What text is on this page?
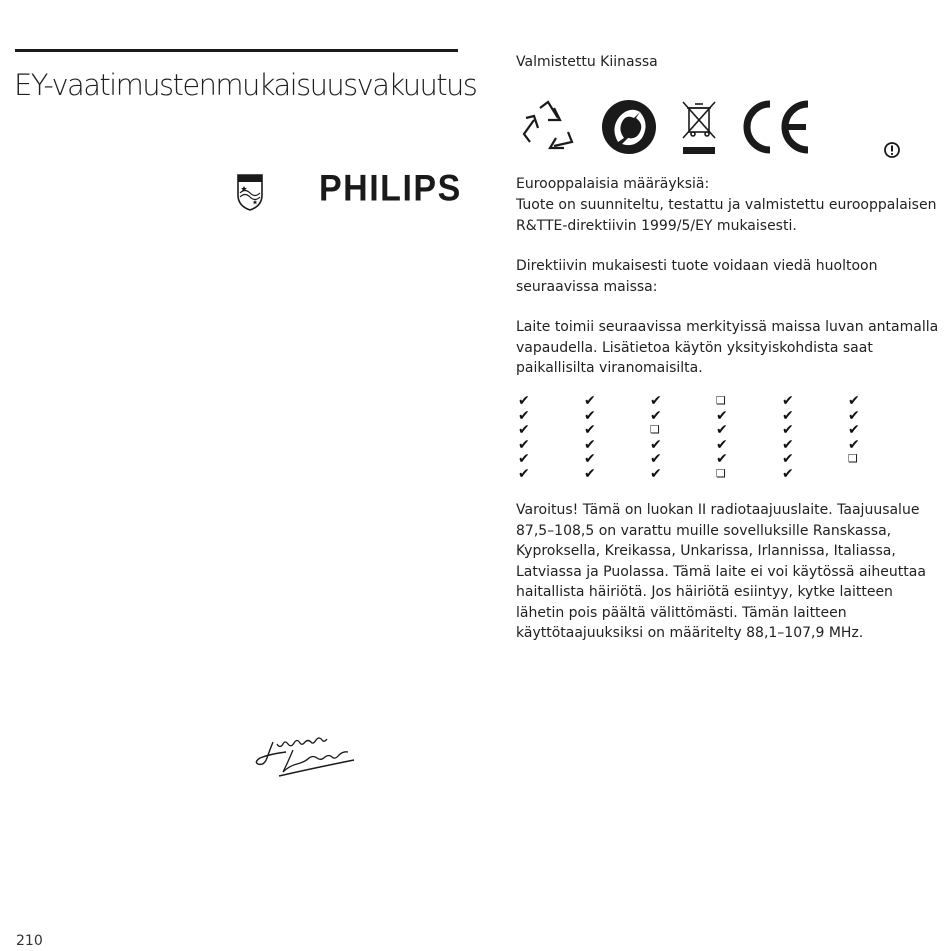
EY-vaatimustenmukaisuusvakuutus
PHILIPS
210

Valmistettu Kiinassa

Eurooppalaisia määräyksiä:

Tuote on suunniteltu, testattu ja valmistettu eurooppalaisen R&TTE-direktiivin 1999/5/EY mukaisesti.

Direktiivin mukaisesti tuote voidaan viedä huoltoon seuraavissa maissa:

Laite toimii seuraavissa merkityissä maissa luvan antamalla vapaudella. Lisätietoa käytön yksityiskohdista saat paikallisilta viranomaisilta.

✔
✔
✔
✔
✔
✔
✔
✔
✔
✔
✔
✔
✔
✔
❑
✔
✔
✔
❑
✔
✔
✔
✔
❑
✔
✔
✔
✔
✔
✔
✔
✔
✔
✔
❑

Varoitus! Tämä on luokan II radiotaajuuslaite. Taajuusalue 87,5–108,5 on varattu muille sovelluksille Ranskassa, Kyproksella, Kreikassa, Unkarissa, Irlannissa, Italiassa, Latviassa ja Puolassa. Tämä laite ei voi käytössä aiheuttaa haitallista häiriötä. Jos häiriötä esiintyy, kytke laitteen lähetin pois päältä välittömästi. Tämän laitteen käyttötaajuuksiksi on määritelty 88,1–107,9 MHz.
